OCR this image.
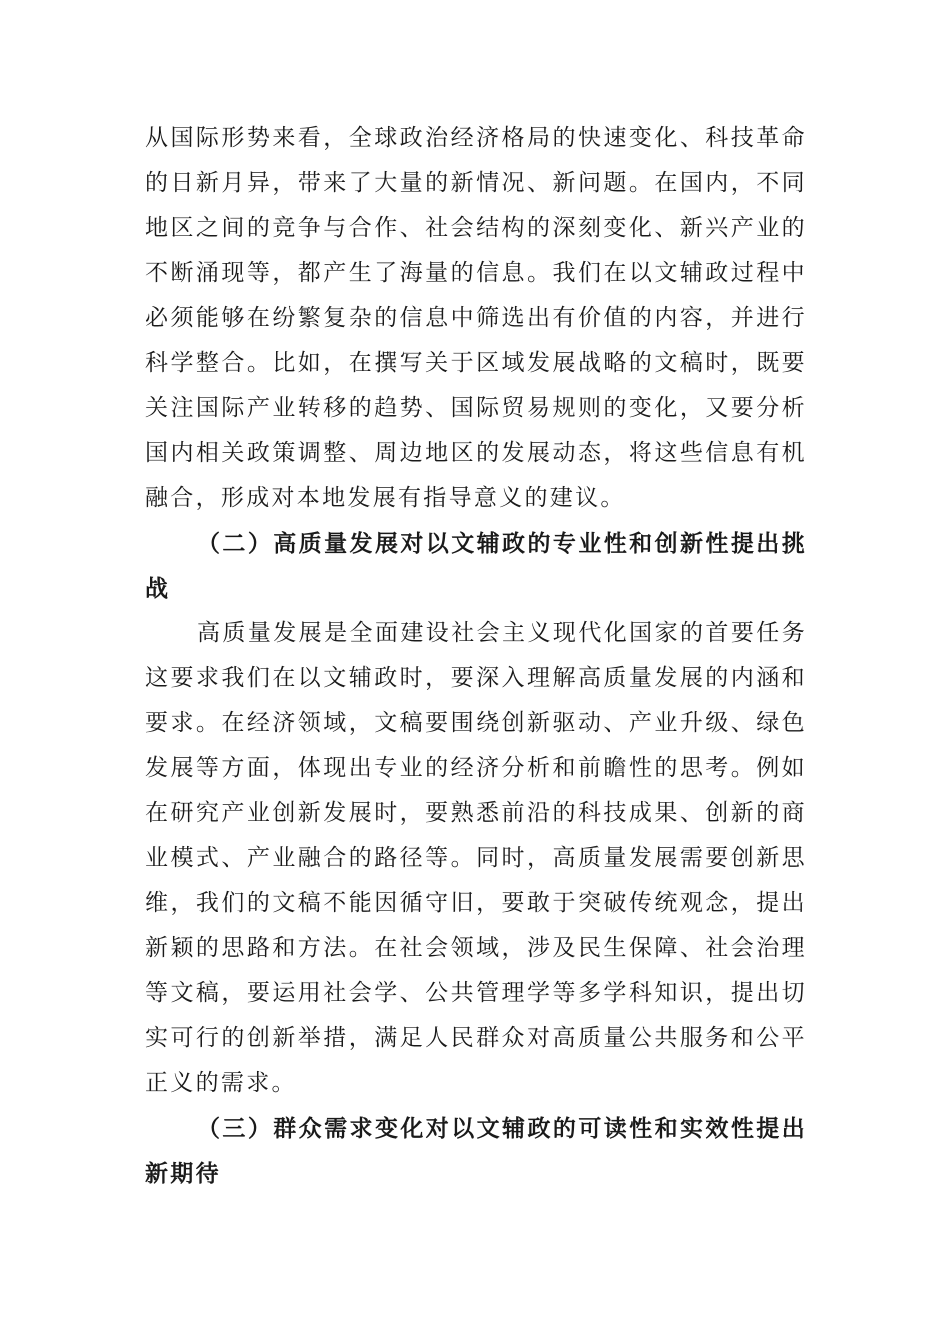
从国际形势来看，全球政治经济格局的快速变化、科技革命的日新月异，带来了大量的新情况、新问题。在国内，不同地区之间的竞争与合作、社会结构的深刻变化、新兴产业的不断涌现等，都产生了海量的信息。我们在以文辅政过程中必须能够在纷繁复杂的信息中筛选出有价值的内容，并进行科学整合。比如，在撰写关于区域发展战略的文稿时，既要关注国际产业转移的趋势、国际贸易规则的变化，又要分析国内相关政策调整、周边地区的发展动态，将这些信息有机融合，形成对本地发展有指导意义的建议。

（二）高质量发展对以文辅政的专业性和创新性提出挑战

高质量发展是全面建设社会主义现代化国家的首要任务这要求我们在以文辅政时，要深入理解高质量发展的内涵和要求。在经济领域，文稿要围绕创新驱动、产业升级、绿色发展等方面，体现出专业的经济分析和前瞻性的思考。例如在研究产业创新发展时，要熟悉前沿的科技成果、创新的商业模式、产业融合的路径等。同时，高质量发展需要创新思维，我们的文稿不能因循守旧，要敢于突破传统观念，提出新颖的思路和方法。在社会领域，涉及民生保障、社会治理等文稿，要运用社会学、公共管理学等多学科知识，提出切实可行的创新举措，满足人民群众对高质量公共服务和公平正义的需求。

（三）群众需求变化对以文辅政的可读性和实效性提出新期待
